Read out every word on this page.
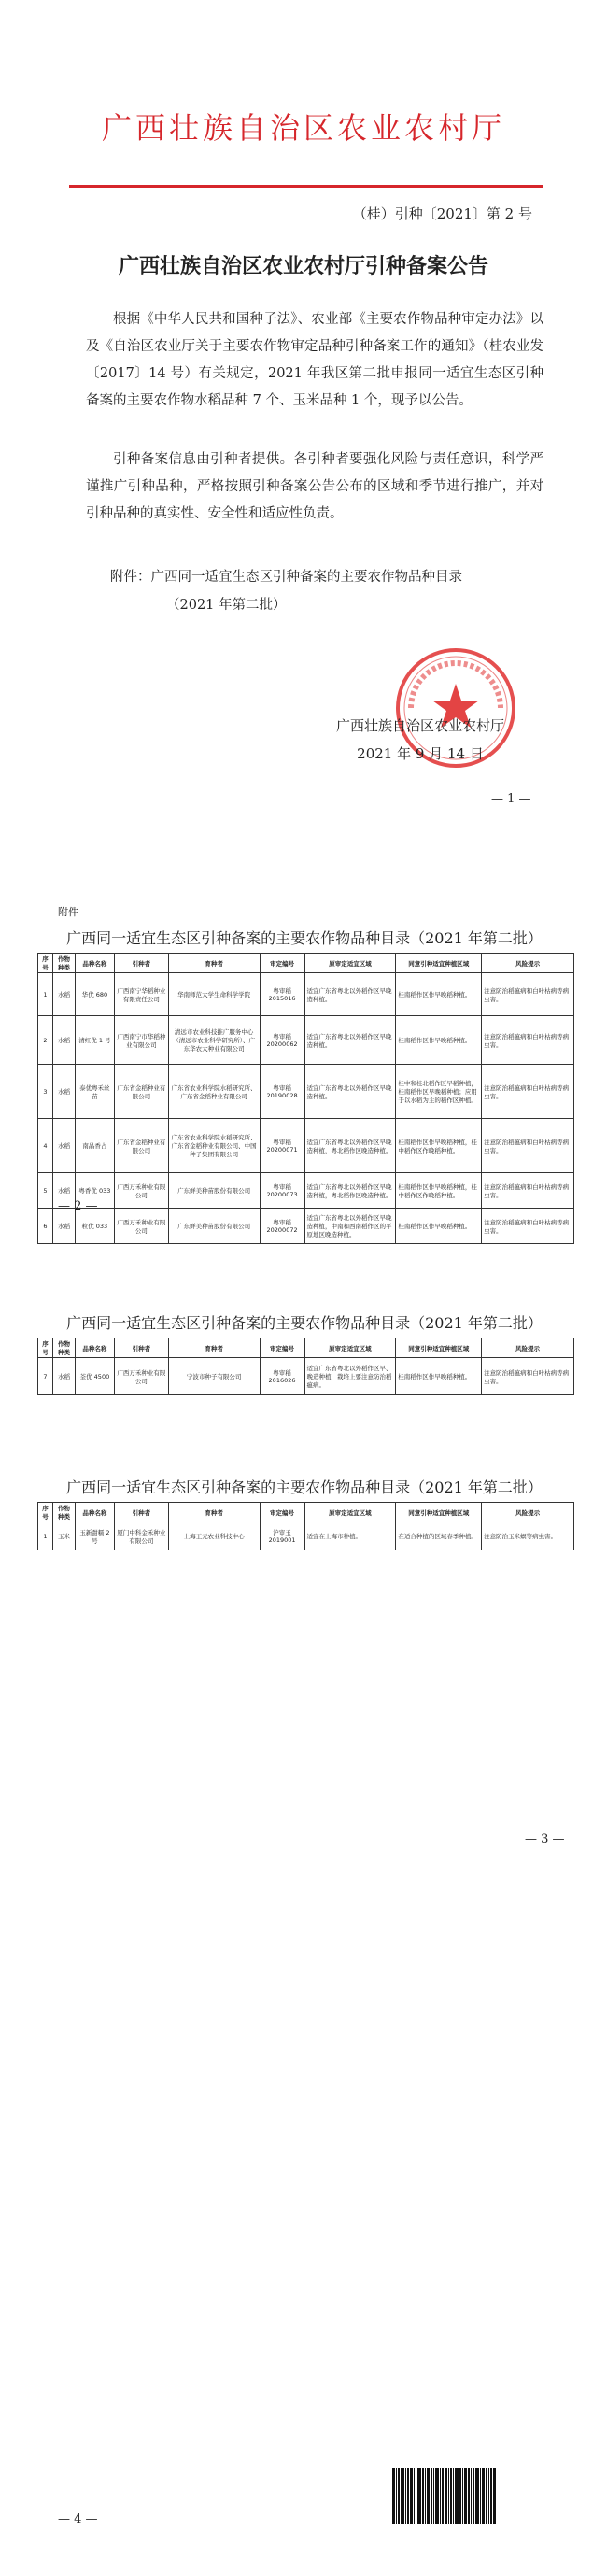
广西壮族自治区农业农村厅
（桂）引种〔2021〕第 2 号
广西壮族自治区农业农村厅引种备案公告
根据《中华人民共和国种子法》、农业部《主要农作物品种审定办法》以及《自治区农业厅关于主要农作物审定品种引种备案工作的通知》（桂农业发〔2017〕14 号）有关规定，2021 年我区第二批申报同一适宜生态区引种备案的主要农作物水稻品种 7 个、玉米品种 1 个，现予以公告。
引种备案信息由引种者提供。各引种者要强化风险与责任意识，科学严谨推广引种品种，严格按照引种备案公告公布的区域和季节进行推广，并对引种品种的真实性、安全性和适应性负责。
附件：广西同一适宜生态区引种备案的主要农作物品种目录
（2021 年第二批）
广西壮族自治区农业农村厅
2021 年 9 月 14 日
— 1 —
附件
广西同一适宜生态区引种备案的主要农作物品种目录（2021 年第二批）
序号	作物种类	品种名称	引种者	育种者	审定编号	原审定适宜区域	同意引种适宜种植区域	风险提示
1	水稻	华优 680	广西南宁华稻种业有限责任公司	华南师范大学生命科学学院	粤审稻 2015016	适宜广东省粤北以外稻作区早晚造种植。	桂南稻作区作早晚稻种植。	注意防治稻瘟病和白叶枯病等病虫害。
2	水稻	清红优 1 号	广西南宁市华稻种业有限公司	清远市农业科技推广服务中心（清远市农业科学研究所）、广东华农大种业有限公司	粤审稻 20200062	适宜广东省粤北以外稻作区早晚造种植。	桂南稻作区作早晚稻种植。	注意防治稻瘟病和白叶枯病等病虫害。
3	水稻	泰优粤禾丝苗	广东省金稻种业有限公司	广东省农业科学院水稻研究所、广东省金稻种业有限公司	粤审稻 20190028	适宜广东省粤北以外稻作区早晚造种植。	桂中和桂北稻作区早稻种植，桂南稻作区早晚稻种植；应用于以水稻为主的稻作区种植。	注意防治稻瘟病和白叶枯病等病虫害。
4	水稻	南晶香占	广东省金稻种业有限公司	广东省农业科学院水稻研究所、广东省金稻种业有限公司、中国种子集团有限公司	粤审稻 20200071	适宜广东省粤北以外稻作区早晚造种植，粤北稻作区晚造种植。	桂南稻作区作早晚稻种植，桂中稻作区作晚稻种植。	注意防治稻瘟病和白叶枯病等病虫害。
5	水稻	粤香优 033	广西万禾种业有限公司	广东鲜美种苗股份有限公司	粤审稻 20200073	适宜广东省粤北以外稻作区早晚造种植，粤北稻作区晚造种植。	桂南稻作区作早晚稻种植，桂中稻作区作晚稻种植。	注意防治稻瘟病和白叶枯病等病虫害。
6	水稻	粒优 033	广西万禾种业有限公司	广东鲜美种苗股份有限公司	粤审稻 20200072	适宜广东省粤北以外稻作区早晚造种植，中南和西南稻作区的平原地区晚造种植。	桂南稻作区作早晚稻种植。	注意防治稻瘟病和白叶枯病等病虫害。
— 2 —
广西同一适宜生态区引种备案的主要农作物品种目录（2021 年第二批）
序号	作物种类	品种名称	引种者	育种者	审定编号	原审定适宜区域	同意引种适宜种植区域	风险提示
7	水稻	荃优 4500	广西万禾种业有限公司	宁波市种子有限公司	粤审稻 2016026	适宜广东省粤北以外稻作区早、晚造种植，栽培上要注意防治稻瘟病。	桂南稻作区作早晚稻种植。	注意防治稻瘟病和白叶枯病等病虫害。
广西同一适宜生态区引种备案的主要农作物品种目录（2021 年第二批）
序号	作物种类	品种名称	引种者	育种者	审定编号	原审定适宜区域	同意引种适宜种植区域	风险提示
1	玉米	玉新甜糯 2 号	厦门中科金禾种业有限公司	上海王元农业科技中心	沪审玉 2019001	适宜在上海市种植。	在适合种植的区域春季种植。	注意防治玉米螟等病虫害。
— 3 —
— 4 —
